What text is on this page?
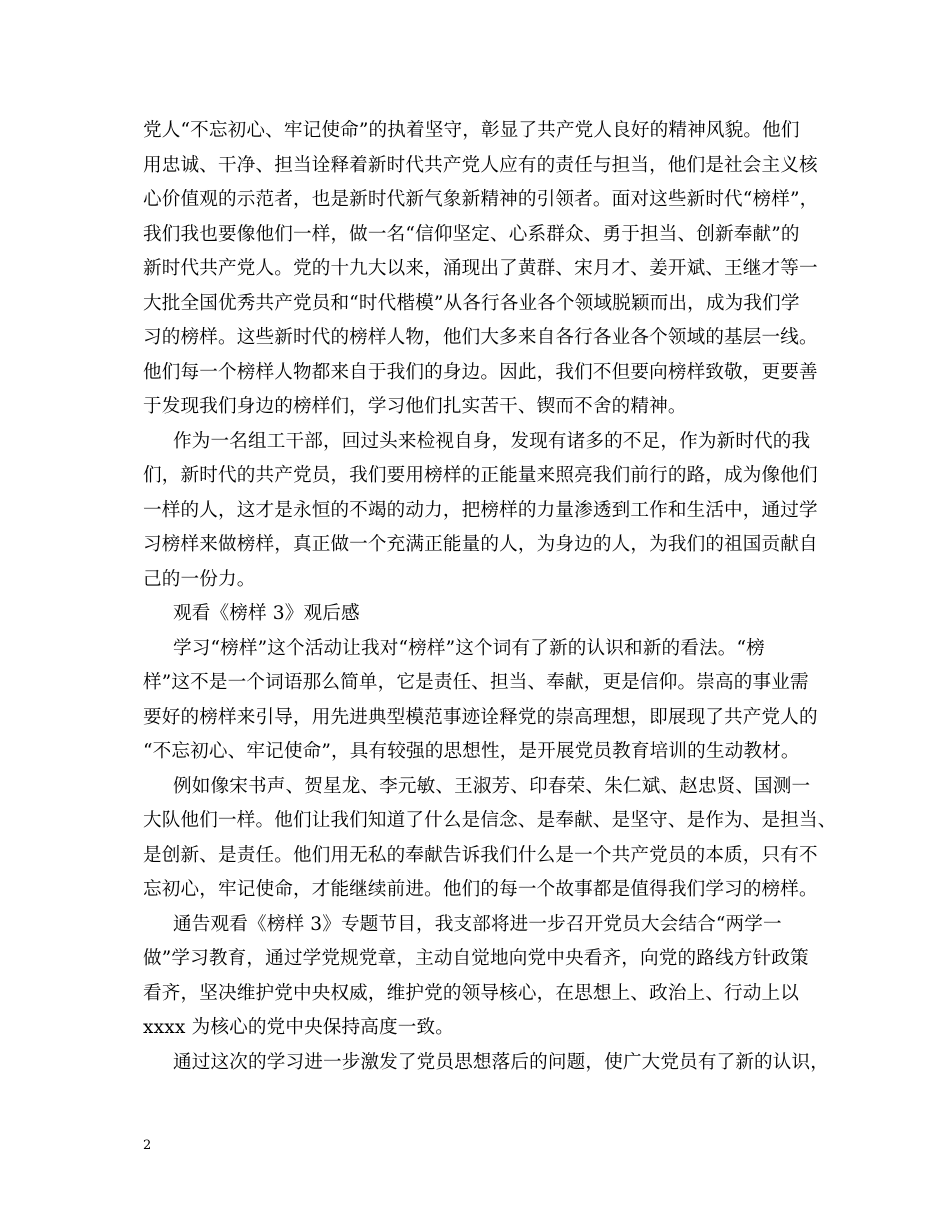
党人“不忘初心、牢记使命”的执着坚守，彰显了共产党人良好的精神风貌。他们
用忠诚、干净、担当诠释着新时代共产党人应有的责任与担当，他们是社会主义核
心价值观的示范者，也是新时代新气象新精神的引领者。面对这些新时代“榜样”，
我们我也要像他们一样，做一名“信仰坚定、心系群众、勇于担当、创新奉献”的
新时代共产党人。党的十九大以来，涌现出了黄群、宋月才、姜开斌、王继才等一
大批全国优秀共产党员和“时代楷模”从各行各业各个领域脱颖而出，成为我们学
习的榜样。这些新时代的榜样人物，他们大多来自各行各业各个领域的基层一线。
他们每一个榜样人物都来自于我们的身边。因此，我们不但要向榜样致敬，更要善
于发现我们身边的榜样们，学习他们扎实苦干、锲而不舍的精神。
作为一名组工干部，回过头来检视自身，发现有诸多的不足，作为新时代的我
们，新时代的共产党员，我们要用榜样的正能量来照亮我们前行的路，成为像他们
一样的人，这才是永恒的不竭的动力，把榜样的力量渗透到工作和生活中，通过学
习榜样来做榜样，真正做一个充满正能量的人，为身边的人，为我们的祖国贡献自
己的一份力。
观看《榜样 3》观后感
学习“榜样”这个活动让我对“榜样”这个词有了新的认识和新的看法。“榜
样”这不是一个词语那么简单，它是责任、担当、奉献，更是信仰。崇高的事业需
要好的榜样来引导，用先进典型模范事迹诠释党的崇高理想，即展现了共产党人的
“不忘初心、牢记使命”，具有较强的思想性，是开展党员教育培训的生动教材。
例如像宋书声、贺星龙、李元敏、王淑芳、印春荣、朱仁斌、赵忠贤、国测一
大队他们一样。他们让我们知道了什么是信念、是奉献、是坚守、是作为、是担当、
是创新、是责任。他们用无私的奉献告诉我们什么是一个共产党员的本质，只有不
忘初心，牢记使命，才能继续前进。他们的每一个故事都是值得我们学习的榜样。
通告观看《榜样 3》专题节目，我支部将进一步召开党员大会结合“两学一
做”学习教育，通过学党规党章，主动自觉地向党中央看齐，向党的路线方针政策
看齐，坚决维护党中央权威，维护党的领导核心，在思想上、政治上、行动上以
xxxx 为核心的党中央保持高度一致。
通过这次的学习进一步激发了党员思想落后的问题，使广大党员有了新的认识，
2
